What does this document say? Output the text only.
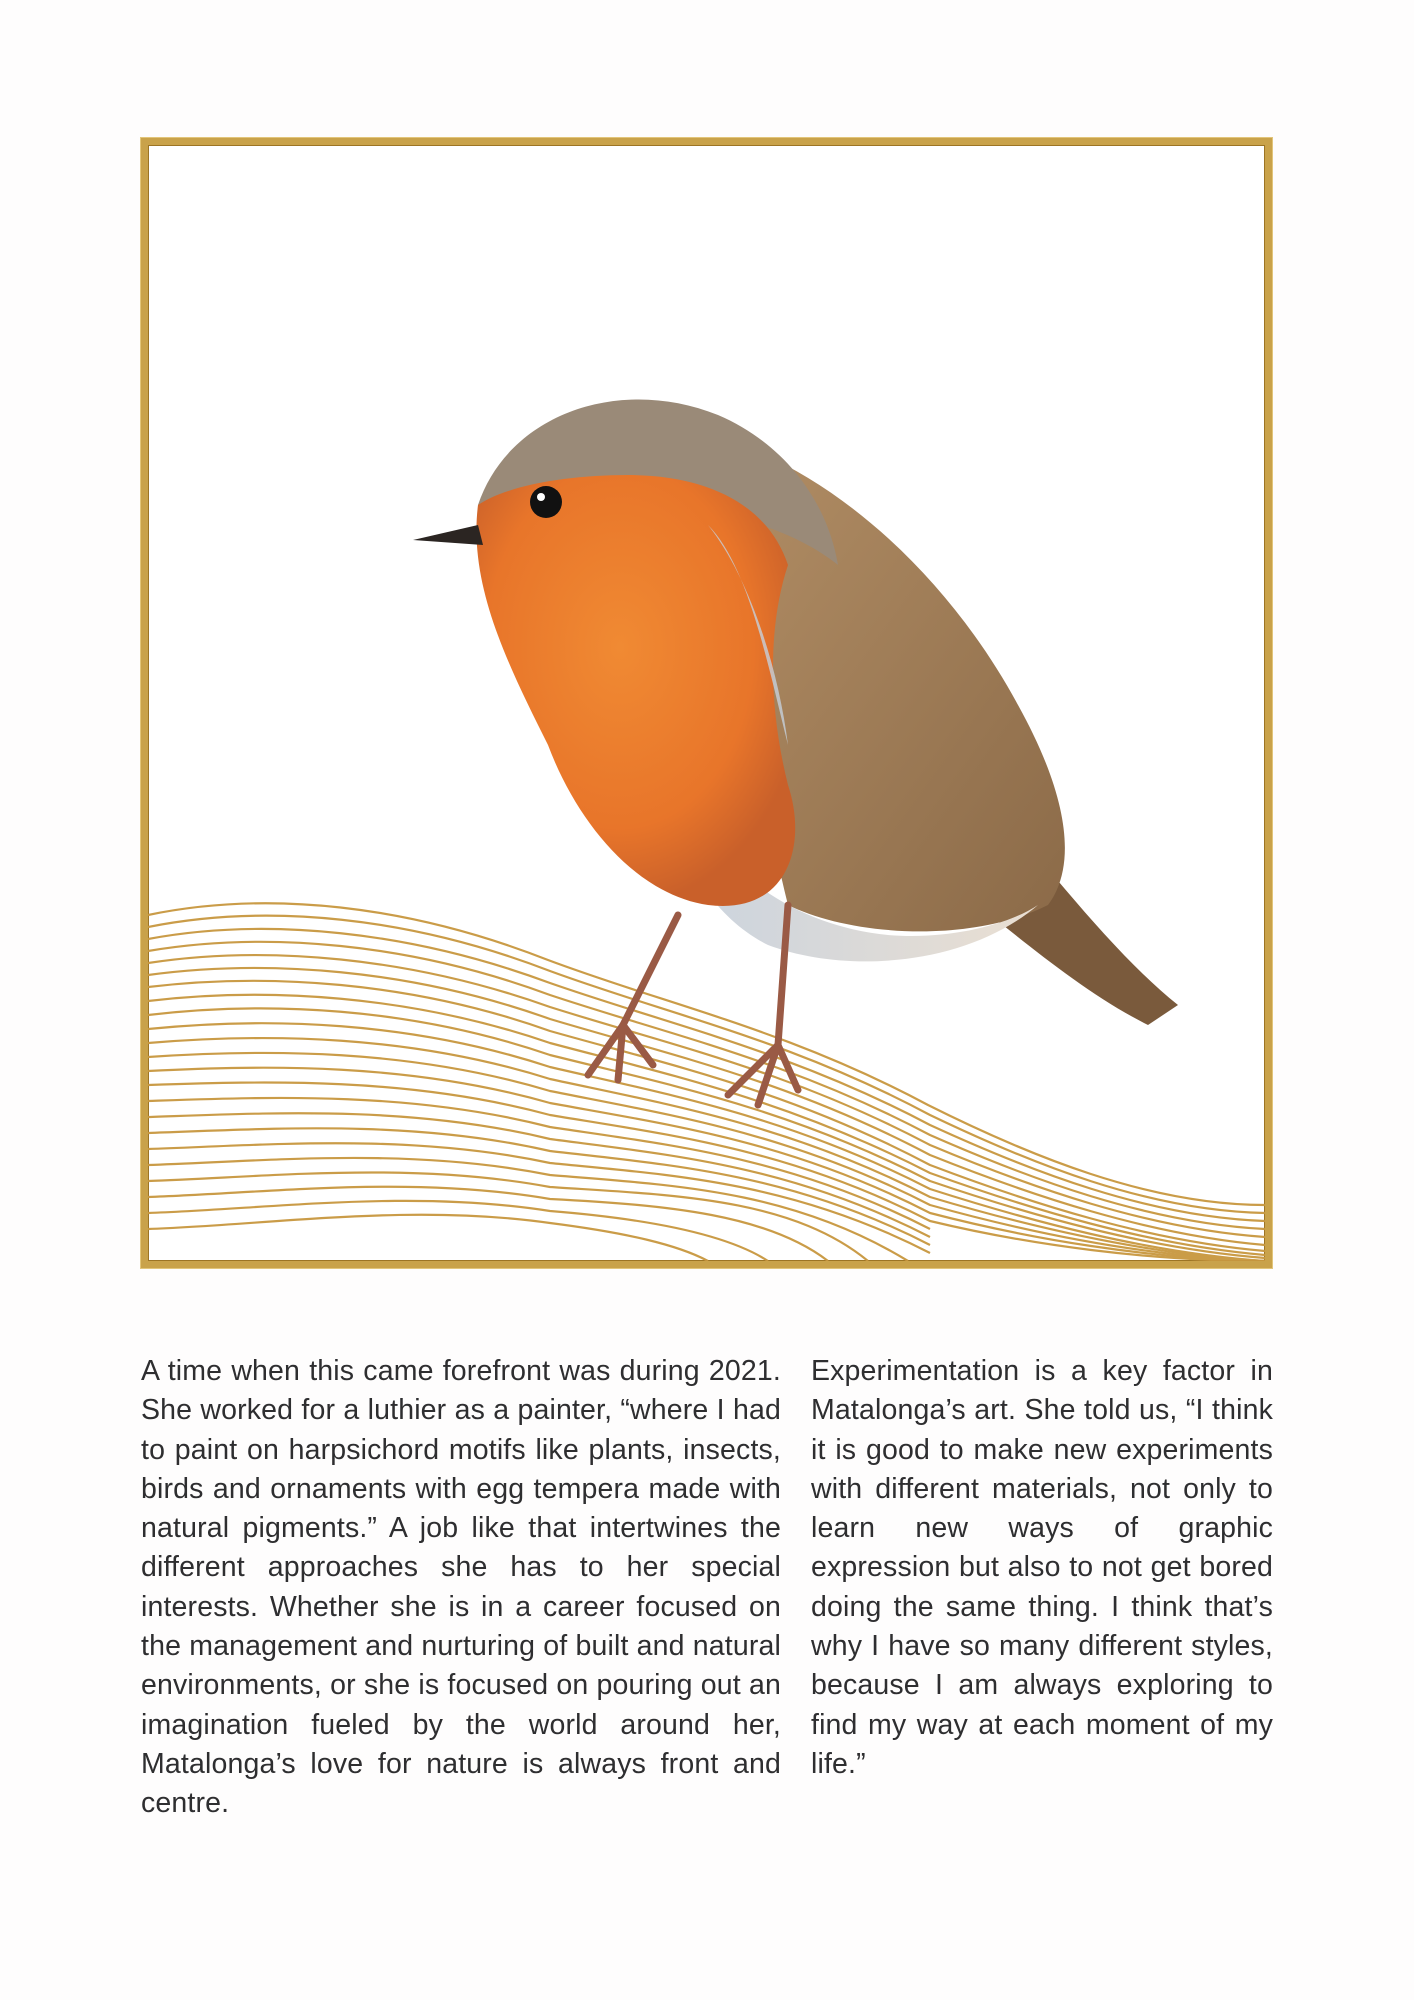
A time when this came forefront was during 2021. She worked for a luthier as a painter, “where I had to paint on harpsichord motifs like plants, insects, birds and ornaments with egg tempera made with natural pigments.” A job like that intertwines the different approaches she has to her special interests. Whether she is in a career focused on the management and nurturing of built and natural environments, or she is focused on pouring out an imagination fueled by the world around her, Matalonga’s love for nature is always front and centre.

Experimentation is a key factor in Matalonga’s art. She told us, “I think it is good to make new experiments with different materials, not only to learn new ways of graphic expression but also to not get bored doing the same thing. I think that’s why I have so many different styles, because I am always exploring to find my way at each moment of my life.”
